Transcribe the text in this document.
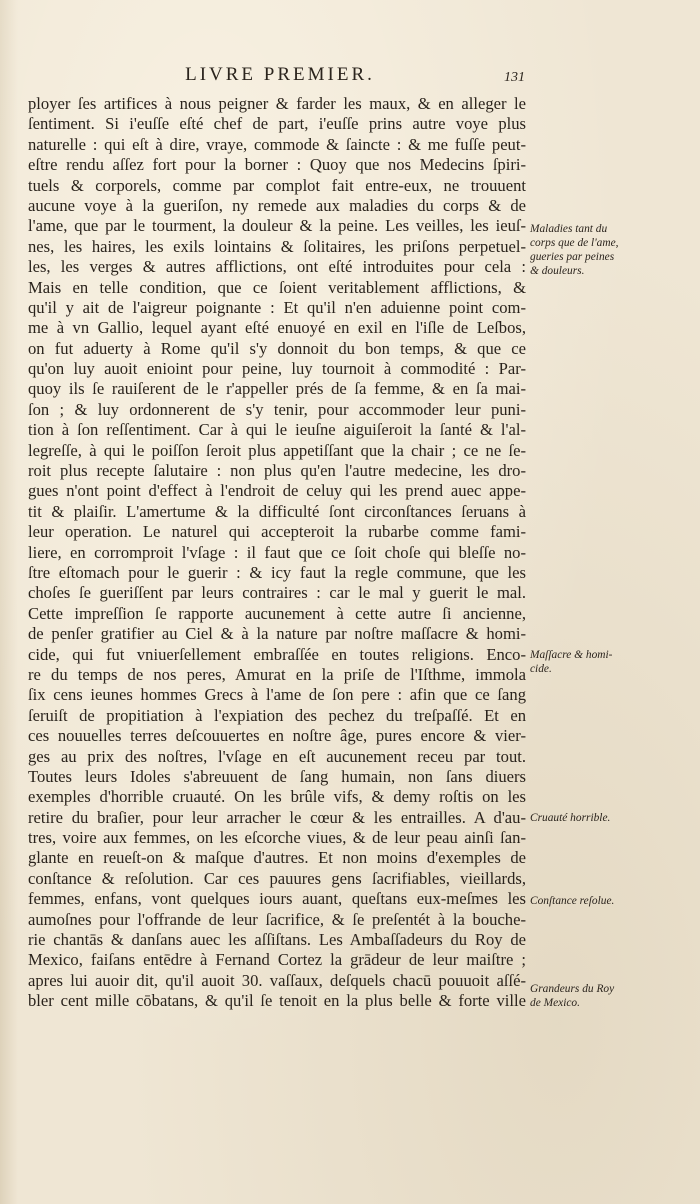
LIVRE PREMIER.	131
ployer ſes artifices à nous peigner & farder les maux, & en alleger le
ſentiment. Si i'euſſe eſté chef de part, i'euſſe prins autre voye plus
naturelle : qui eſt à dire, vraye, commode & ſaincte : & me fuſſe peut-
eſtre rendu aſſez fort pour la borner : Quoy que nos Medecins ſpiri-
tuels & corporels, comme par complot fait entre-eux, ne trouuent
aucune voye à la gueriſon, ny remede aux maladies du corps & de
l'ame, que par le tourment, la douleur & la peine. Les veilles, les ieuſ-
nes, les haires, les exils lointains & ſolitaires, les priſons perpetuel-
les, les verges & autres afflictions, ont eſté introduites pour cela :
Mais en telle condition, que ce ſoient veritablement afflictions, &
qu'il y ait de l'aigreur poignante : Et qu'il n'en aduienne point com-
me à vn Gallio, lequel ayant eſté enuoyé en exil en l'iſle de Leſbos,
on fut aduerty à Rome qu'il s'y donnoit du bon temps, & que ce
qu'on luy auoit enioint pour peine, luy tournoit à commodité : Par-
quoy ils ſe rauiſerent de le r'appeller prés de ſa femme, & en ſa mai-
ſon ; & luy ordonnerent de s'y tenir, pour accommoder leur puni-
tion à ſon reſſentiment. Car à qui le ieuſne aiguiſeroit la ſanté & l'al-
legreſſe, à qui le poiſſon ſeroit plus appetiſſant que la chair ; ce ne ſe-
roit plus recepte ſalutaire : non plus qu'en l'autre medecine, les dro-
gues n'ont point d'effect à l'endroit de celuy qui les prend auec appe-
tit & plaiſir. L'amertume & la difficulté ſont circonſtances ſeruans à
leur operation. Le naturel qui accepteroit la rubarbe comme fami-
liere, en corromproit l'vſage : il faut que ce ſoit choſe qui bleſſe no-
ſtre eſtomach pour le guerir : & icy faut la regle commune, que les
choſes ſe gueriſſent par leurs contraires : car le mal y guerit le mal.
Cette impreſſion ſe rapporte aucunement à cette autre ſi ancienne,
de penſer gratifier au Ciel & à la nature par noſtre maſſacre & homi-
cide, qui fut vniuerſellement embraſſée en toutes religions. Enco-
re du temps de nos peres, Amurat en la priſe de l'Iſthme, immola
ſix cens ieunes hommes Grecs à l'ame de ſon pere : afin que ce ſang
ſeruiſt de propitiation à l'expiation des pechez du treſpaſſé. Et en
ces nouuelles terres deſcouuertes en noſtre âge, pures encore & vier-
ges au prix des noſtres, l'vſage en eſt aucunement receu par tout.
Toutes leurs Idoles s'abreuuent de ſang humain, non ſans diuers
exemples d'horrible cruauté. On les brûle vifs, & demy roſtis on les
retire du braſier, pour leur arracher le cœur & les entrailles. A d'au-
tres, voire aux femmes, on les eſcorche viues, & de leur peau ainſi ſan-
glante en reueſt-on & maſque d'autres. Et non moins d'exemples de
conſtance & reſolution. Car ces pauures gens ſacrifiables, vieillards,
femmes, enfans, vont quelques iours auant, queſtans eux-meſmes les
aumoſnes pour l'offrande de leur ſacrifice, & ſe preſentét à la bouche-
rie chantās & danſans auec les aſſiſtans. Les Ambaſſadeurs du Roy de
Mexico, faiſans entēdre à Fernand Cortez la grādeur de leur maiſtre ;
apres lui auoir dit, qu'il auoit 30. vaſſaux, deſquels chacū pouuoit aſſé-
bler cent mille cōbatans, & qu'il ſe tenoit en la plus belle & forte ville
Maladies tant du
corps que de l'ame,
gueries par peines
& douleurs.
Maſſacre & homi-
cide.
Cruauté horrible.
Conſtance reſolue.
Grandeurs du Roy
de Mexico.
